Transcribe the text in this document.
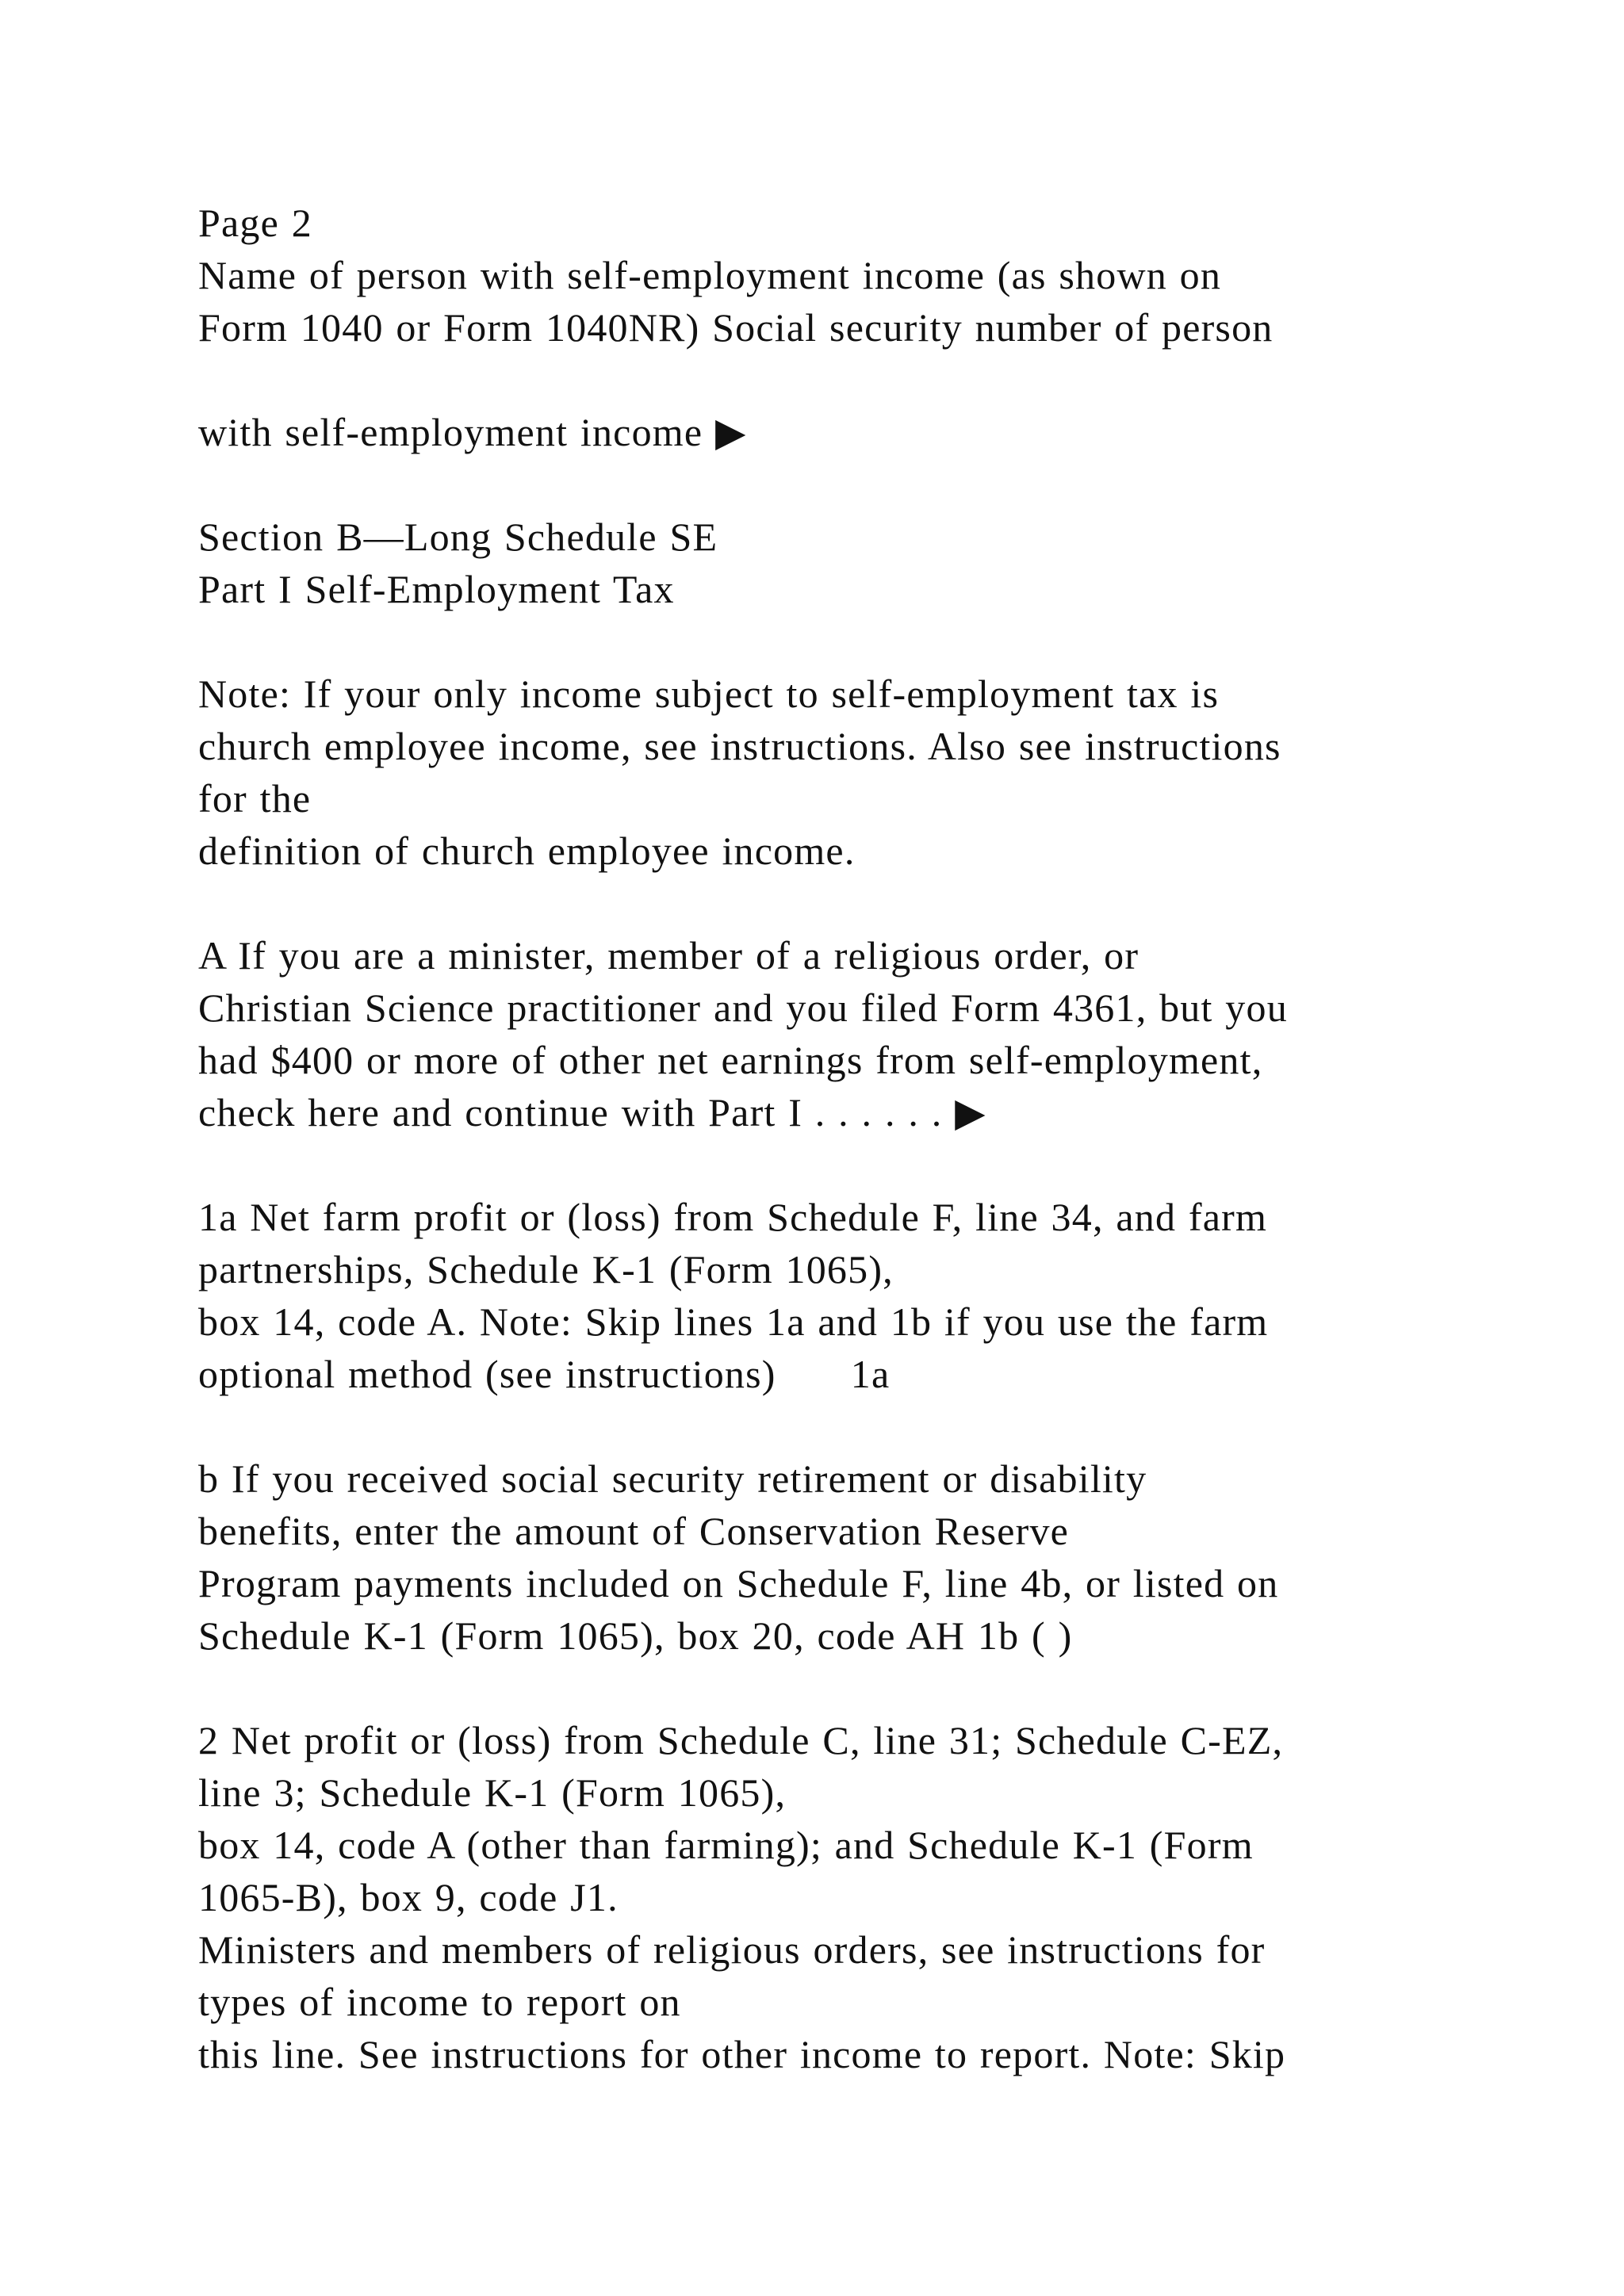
Page 2
Name of person with self-employment income (as shown on
Form 1040 or Form 1040NR) Social security number of person
with self-employment income ▶
Section B—Long Schedule SE
Part I Self-Employment Tax
Note: If your only income subject to self-employment tax is
church employee income, see instructions. Also see instructions
for the
definition of church employee income.
A If you are a minister, member of a religious order, or
Christian Science practitioner and you filed Form 4361, but you
had $400 or more of other net earnings from self-employment,
check here and continue with Part I . . . . . . ▶
1a Net farm profit or (loss) from Schedule F, line 34, and farm
partnerships, Schedule K-1 (Form 1065),
box 14, code A. Note: Skip lines 1a and 1b if you use the farm
optional method (see instructions)      1a
b If you received social security retirement or disability
benefits, enter the amount of Conservation Reserve
Program payments included on Schedule F, line 4b, or listed on
Schedule K-1 (Form 1065), box 20, code AH 1b ( )
2 Net profit or (loss) from Schedule C, line 31; Schedule C-EZ,
line 3; Schedule K-1 (Form 1065),
box 14, code A (other than farming); and Schedule K-1 (Form
1065-B), box 9, code J1.
Ministers and members of religious orders, see instructions for
types of income to report on
this line. See instructions for other income to report. Note: Skip
